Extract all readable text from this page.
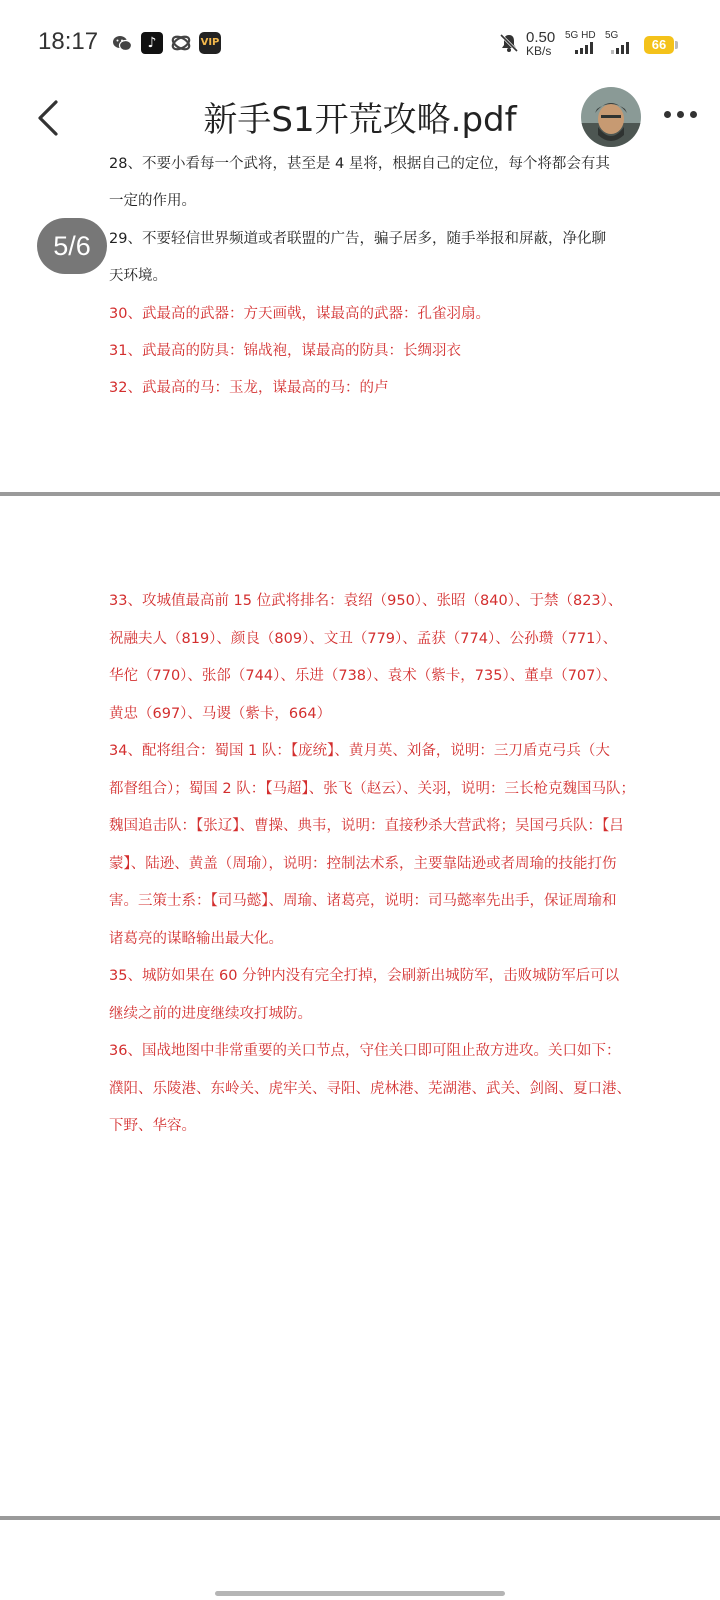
18:17	♪	VIP	0.50
KB/s
5G HD 5G
66
新手S1开荒攻略.pdf
28、不要小看每一个武将，甚至是 4 星将，根据自己的定位，每个将都会有其
一定的作用。
29、不要轻信世界频道或者联盟的广告，骗子居多，随手举报和屏蔽，净化聊
天环境。
30、武最高的武器：方天画戟，谋最高的武器：孔雀羽扇。
31、武最高的防具：锦战袍，谋最高的防具：长绸羽衣
32、武最高的马：玉龙，谋最高的马：的卢
33、攻城值最高前 15 位武将排名：袁绍（950）、张昭（840）、于禁（823）、
祝融夫人（819）、颜良（809）、文丑（779）、孟获（774）、公孙瓒（771）、
华佗（770）、张郃（744）、乐进（738）、袁术（紫卡，735）、董卓（707）、
黄忠（697）、马谡（紫卡，664）
34、配将组合：蜀国 1 队：【庞统】、黄月英、刘备，说明：三刀盾克弓兵（大
都督组合）；蜀国 2 队：【马超】、张飞（赵云）、关羽，说明：三长枪克魏国马队；
魏国追击队：【张辽】、曹操、典韦，说明：直接秒杀大营武将；吴国弓兵队：【吕
蒙】、陆逊、黄盖（周瑜），说明：控制法术系，主要靠陆逊或者周瑜的技能打伤
害。三策士系：【司马懿】、周瑜、诸葛亮，说明：司马懿率先出手，保证周瑜和
诸葛亮的谋略输出最大化。
35、城防如果在 60 分钟内没有完全打掉，会刷新出城防军，击败城防军后可以
继续之前的进度继续攻打城防。
36、国战地图中非常重要的关口节点，守住关口即可阻止敌方进攻。关口如下：
濮阳、乐陵港、东岭关、虎牢关、寻阳、虎林港、芜湖港、武关、剑阁、夏口港、
下野、华容。
5/6
